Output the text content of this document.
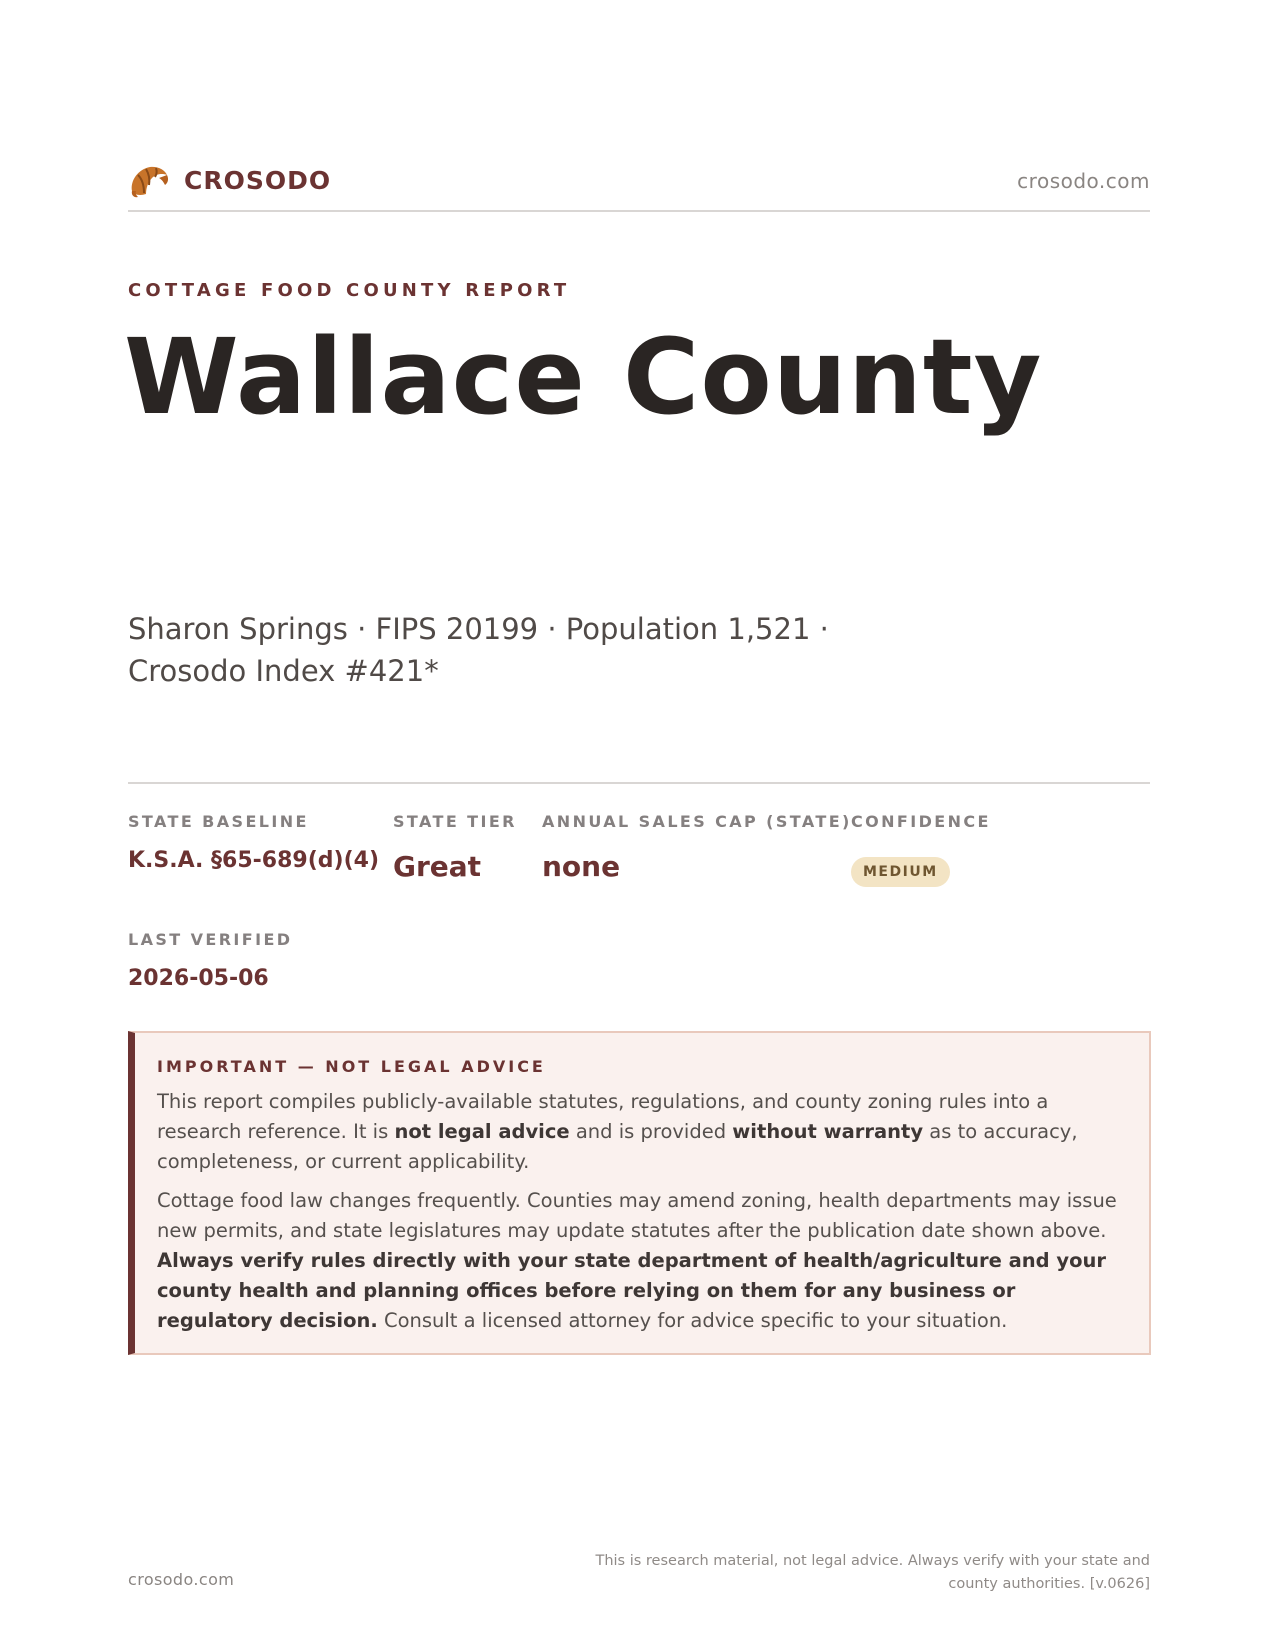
CROSODO	crosodo.com
COTTAGE FOOD COUNTY REPORT
Wallace County
Sharon Springs · FIPS 20199 · Population 1,521 · Crosodo Index #421*
STATE BASELINE
K.S.A. §65-689(d)(4)
STATE TIER
Great
ANNUAL SALES CAP (STATE)
none
CONFIDENCE
MEDIUM
LAST VERIFIED
2026-05-06
IMPORTANT — NOT LEGAL ADVICE

This report compiles publicly-available statutes, regulations, and county zoning rules into a research reference. It is not legal advice and is provided without warranty as to accuracy, completeness, or current applicability.

Cottage food law changes frequently. Counties may amend zoning, health departments may issue new permits, and state legislatures may update statutes after the publication date shown above. Always verify rules directly with your state department of health/agriculture and your county health and planning offices before relying on them for any business or regulatory decision. Consult a licensed attorney for advice specific to your situation.

crosodo.com
This is research material, not legal advice. Always verify with your state and county authorities. [v.0626]
